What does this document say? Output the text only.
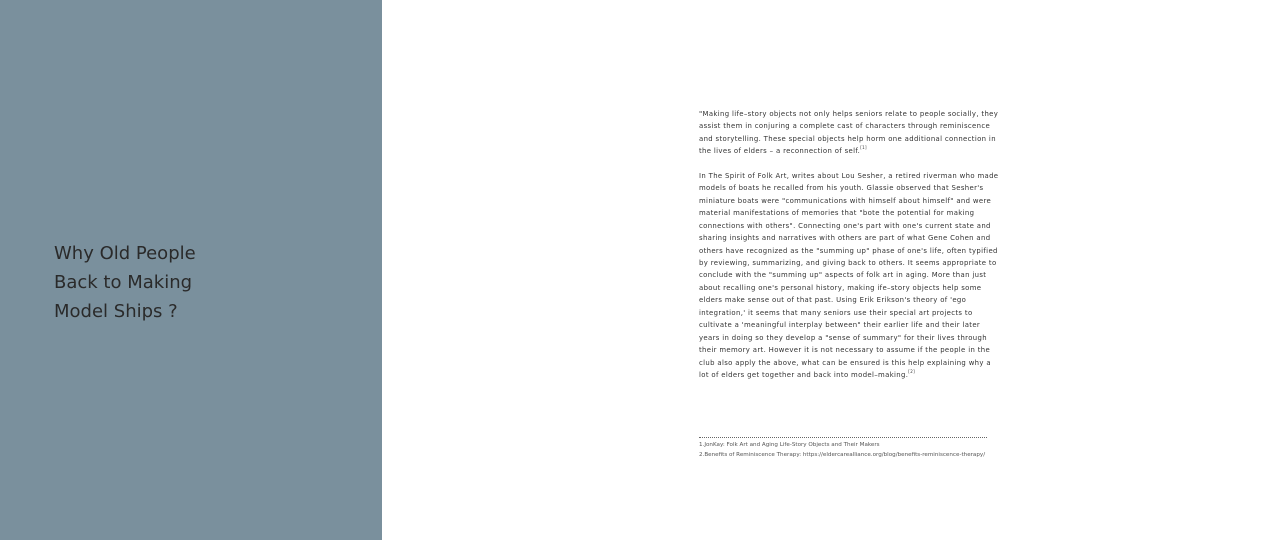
Why Old People
Back to Making
Model Ships ?

"Making life–story objects not only helps seniors relate to people socially, they assist them in conjuring a complete cast of characters through reminiscence and storytelling. These special objects help horm one additional connection in the lives of elders – a reconnection of self.[1]

In The Spirit of Folk Art, writes about Lou Sesher, a retired riverman who made models of boats he recalled from his youth. Glassie observed that Sesher's miniature boats were "communications with himself about himself" and were material manifestations of memories that "bote the potential for making connections with others". Connecting one's part with one's current state and sharing insights and narratives with others are part of what Gene Cohen and others have recognized as the "summing up" phase of one's life, often typified by reviewing, summarizing, and giving back to others. It seems appropriate to conclude with the "summing up" aspects of folk art in aging. More than just about recalling one's personal history, making ife–story objects help some elders make sense out of that past. Using Erik Erikson's theory of 'ego integration,' it seems that many seniors use their special art projects to cultivate a 'meaningful interplay between" their earlier life and their later years in doing so they develop a "sense of summary" for their lives through their memory art. However it is not necessary to assume if the people in the club also apply the above, what can be ensured is this help explaining why a lot of elders get together and back into model–making.[2]

1.JonKay: Folk Art and Aging Life-Story Objects and Their Makers
2.Benefits of Reminiscence Therapy: https://eldercarealliance.org/blog/benefits-reminiscence-therapy/
